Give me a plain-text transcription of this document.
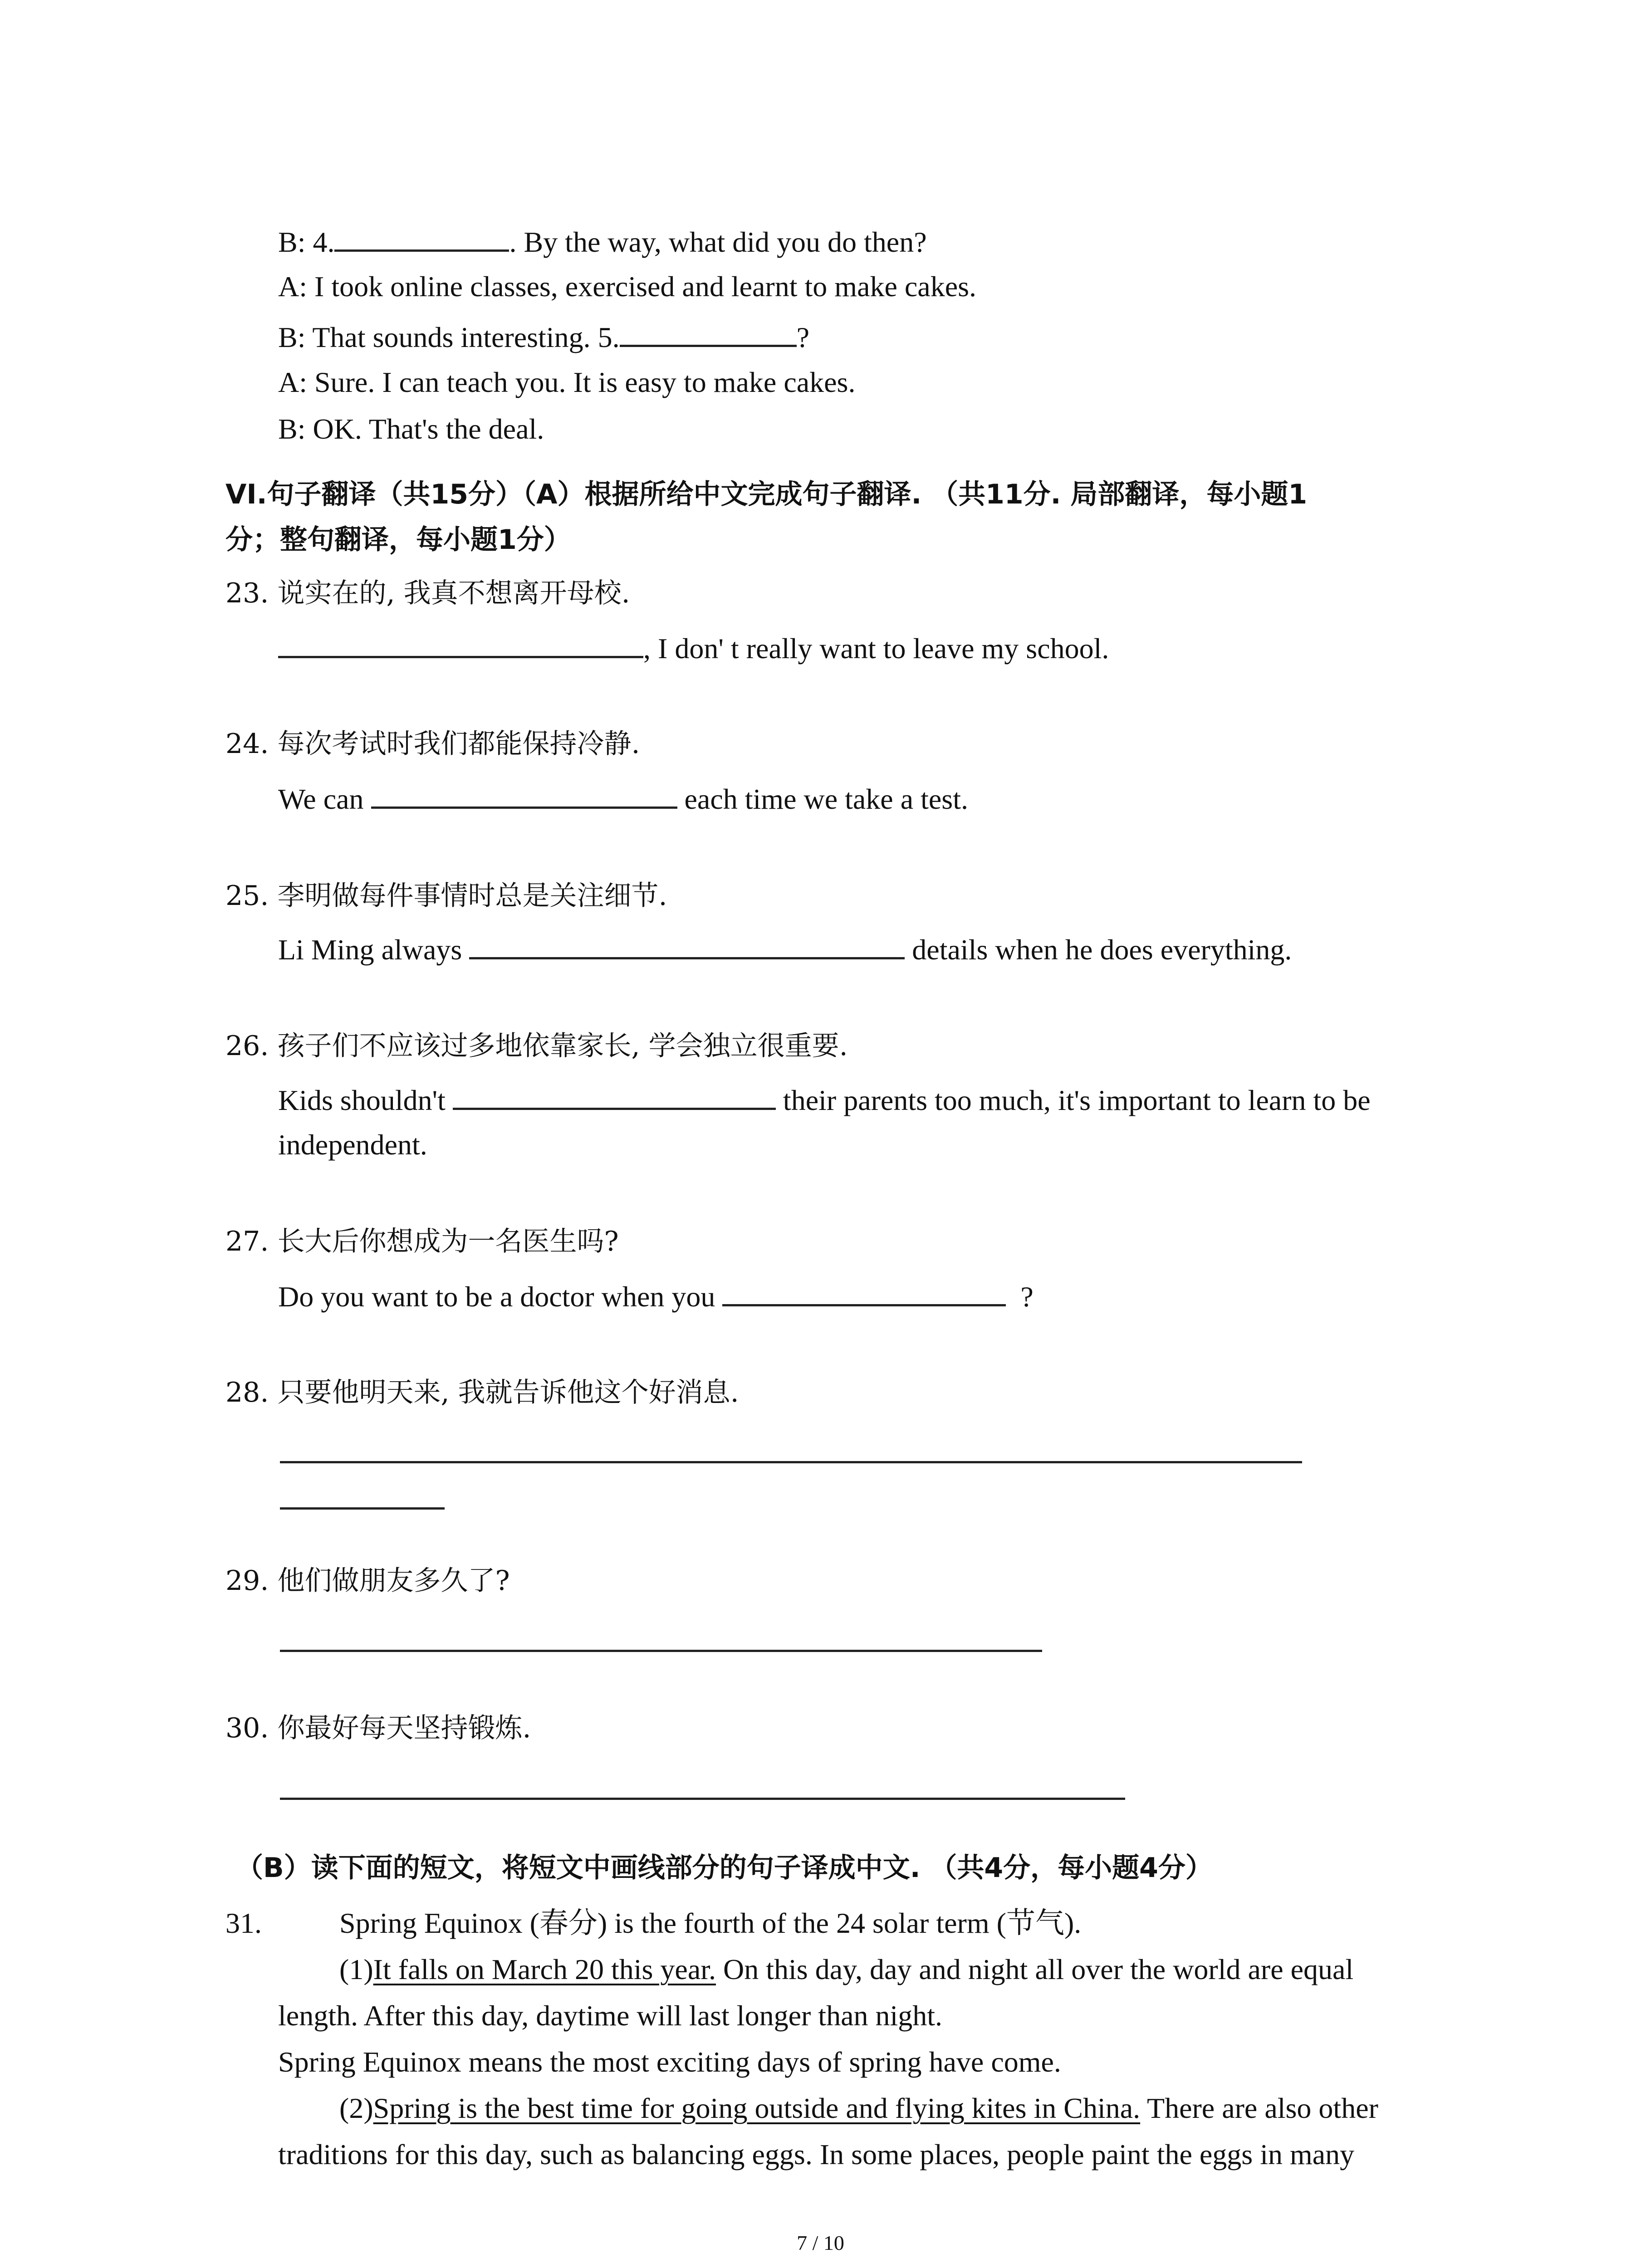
B: 4.	. By the way, what did you do then?
A: I took online classes, exercised and learnt to make cakes.
B: That sounds interesting. 5.	?
A: Sure. I can teach you. It is easy to make cakes.
B: OK. That's the deal.
VI.句子翻译（共15分）（A）根据所给中文完成句子翻译. （共11分. 局部翻译，每小题1
分；整句翻译，每小题1分）
23. 说实在的, 我真不想离开母校.
, I don' t really want to leave my school.
24. 每次考试时我们都能保持冷静.
We can	each time we take a test.
25. 李明做每件事情时总是关注细节.
Li Ming always	details when he does everything.
26. 孩子们不应该过多地依靠家长, 学会独立很重要.
Kids shouldn't	their parents too much, it's important to learn to be
independent.
27. 长大后你想成为一名医生吗?
Do you want to be a doctor when you	?
28. 只要他明天来, 我就告诉他这个好消息.
29. 他们做朋友多久了?
30. 你最好每天坚持锻炼.
（B）读下面的短文，将短文中画线部分的句子译成中文. （共4分，每小题4分）
31.	Spring Equinox (春分) is the fourth of the 24 solar term (节气).
(1)It falls on March 20 this year. On this day, day and night all over the world are equal
length. After this day, daytime will last longer than night.
Spring Equinox means the most exciting days of spring have come.
(2)Spring is the best time for going outside and flying kites in China. There are also other
traditions for this day, such as balancing eggs. In some places, people paint the eggs in many
7 / 10
